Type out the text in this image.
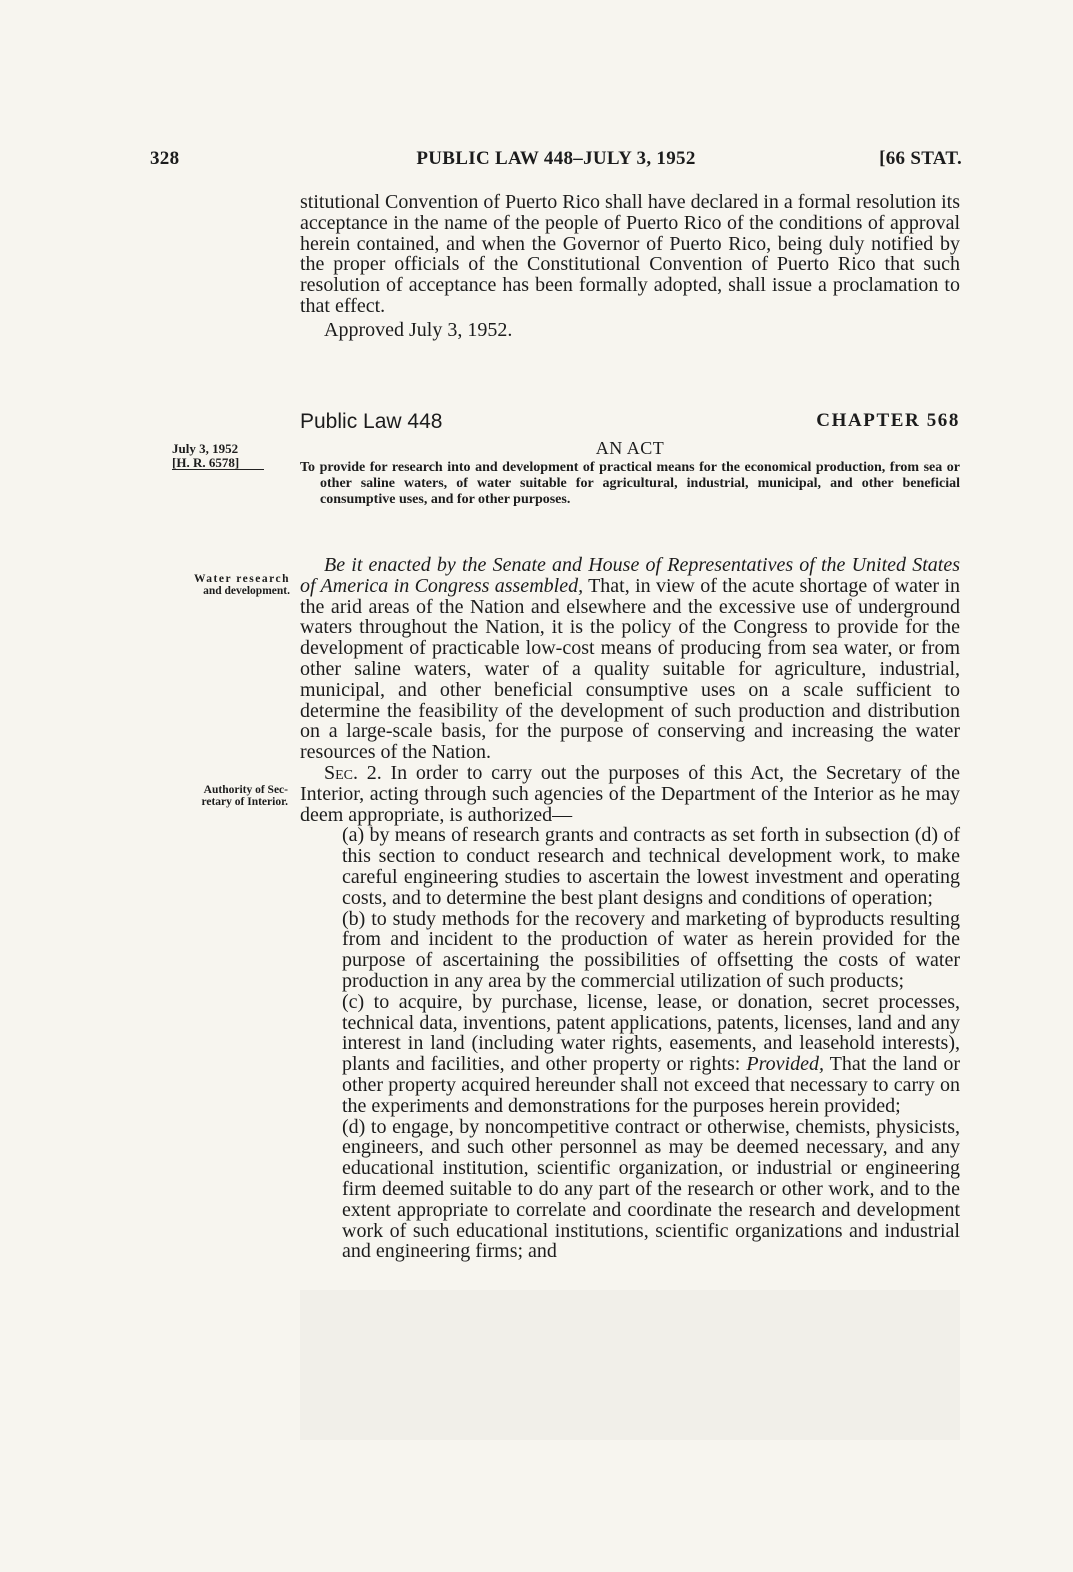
328	PUBLIC LAW 448–JULY 3, 1952	[66 STAT.

stitutional Convention of Puerto Rico shall have declared in a formal resolution its acceptance in the name of the people of Puerto Rico of the conditions of approval herein contained, and when the Governor of Puerto Rico, being duly notified by the proper officials of the Constitutional Convention of Puerto Rico that such resolution of acceptance has been formally adopted, shall issue a proclamation to that effect.

Approved July 3, 1952.

Public Law 448	CHAPTER 568
AN ACT
July 3, 1952
[H. R. 6578]	To provide for research into and development of practical means for the economical production, from sea or other saline waters, of water suitable for agricultural, industrial, municipal, and other beneficial consumptive uses, and for other purposes.

Water research
and development.
Authority of Sec-
retary of Interior.

Be it enacted by the Senate and House of Representatives of the United States of America in Congress assembled, That, in view of the acute shortage of water in the arid areas of the Nation and elsewhere and the excessive use of underground waters throughout the Nation, it is the policy of the Congress to provide for the development of practicable low-cost means of producing from sea water, or from other saline waters, water of a quality suitable for agriculture, industrial, municipal, and other beneficial consumptive uses on a scale sufficient to determine the feasibility of the development of such production and distribution on a large-scale basis, for the purpose of conserving and increasing the water resources of the Nation.

Sec. 2. In order to carry out the purposes of this Act, the Secretary of the Interior, acting through such agencies of the Department of the Interior as he may deem appropriate, is authorized—

(a) by means of research grants and contracts as set forth in subsection (d) of this section to conduct research and technical development work, to make careful engineering studies to ascertain the lowest investment and operating costs, and to determine the best plant designs and conditions of operation;

(b) to study methods for the recovery and marketing of byproducts resulting from and incident to the production of water as herein provided for the purpose of ascertaining the possibilities of offsetting the costs of water production in any area by the commercial utilization of such products;

(c) to acquire, by purchase, license, lease, or donation, secret processes, technical data, inventions, patent applications, patents, licenses, land and any interest in land (including water rights, easements, and leasehold interests), plants and facilities, and other property or rights: Provided, That the land or other property acquired hereunder shall not exceed that necessary to carry on the experiments and demonstrations for the purposes herein provided;

(d) to engage, by noncompetitive contract or otherwise, chemists, physicists, engineers, and such other personnel as may be deemed necessary, and any educational institution, scientific organization, or industrial or engineering firm deemed suitable to do any part of the research or other work, and to the extent appropriate to correlate and coordinate the research and development work of such educational institutions, scientific organizations and industrial and engineering firms; and
